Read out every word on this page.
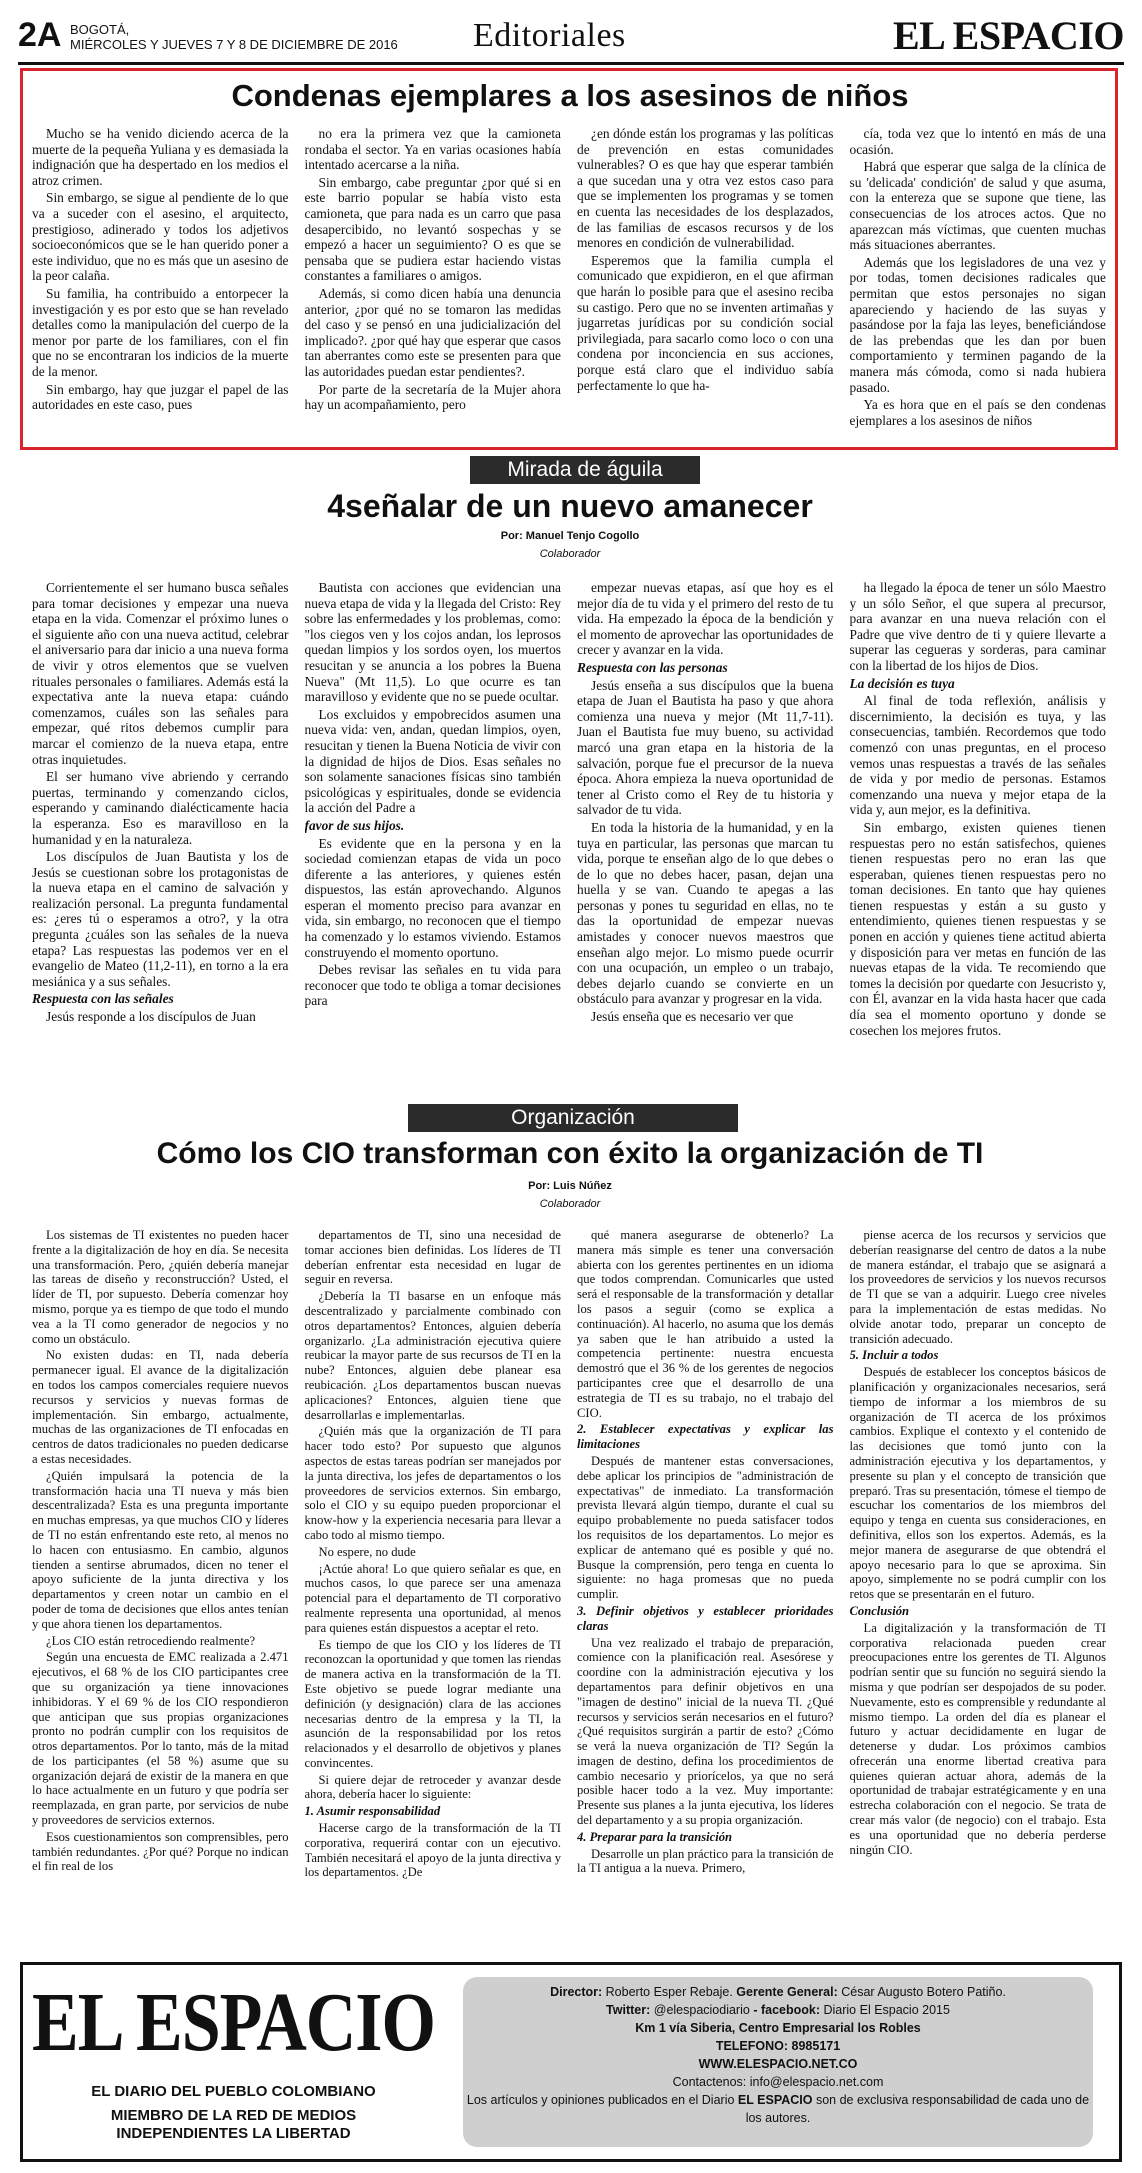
2A BOGOTÁ,
MIÉRCOLES Y JUEVES 7 Y 8 DE DICIEMBRE DE 2016 Editoriales	EL ESPACIO
Condenas ejemplares a los asesinos de niños

Mucho se ha venido diciendo acerca de la muerte de la pequeña Yuliana y es demasiada la indignación que ha despertado en los medios el atroz crimen.

Sin embargo, se sigue al pendiente de lo que va a suceder con el asesino, el arquitecto, prestigioso, adinerado y todos los adjetivos socioeconómicos que se le han querido poner a este individuo, que no es más que un asesino de la peor calaña.

Su familia, ha contribuido a entorpecer la investigación y es por esto que se han revelado detalles como la manipulación del cuerpo de la menor por parte de los familiares, con el fin que no se encontraran los indicios de la muerte de la menor.

Sin embargo, hay que juzgar el papel de las autoridades en este caso, pues

no era la primera vez que la camioneta rondaba el sector. Ya en varias ocasiones había intentado acercarse a la niña.

Sin embargo, cabe preguntar ¿por qué si en este barrio popular se había visto esta camioneta, que para nada es un carro que pasa desapercibido, no levantó sospechas y se empezó a hacer un seguimiento? O es que se pensaba que se pudiera estar haciendo vistas constantes a familiares o amigos.

Además, si como dicen había una denuncia anterior, ¿por qué no se tomaron las medidas del caso y se pensó en una judicialización del implicado?. ¿por qué hay que esperar que casos tan aberrantes como este se presenten para que las autoridades puedan estar pendientes?.

Por parte de la secretaría de la Mujer ahora hay un acompañamiento, pero

¿en dónde están los programas y las políticas de prevención en estas comunidades vulnerables? O es que hay que esperar también a que sucedan una y otra vez estos caso para que se implementen los programas y se tomen en cuenta las necesidades de los desplazados, de las familias de escasos recursos y de los menores en condición de vulnerabilidad.

Esperemos que la familia cumpla el comunicado que expidieron, en el que afirman que harán lo posible para que el asesino reciba su castigo. Pero que no se inventen artimañas y jugarretas jurídicas por su condición social privilegiada, para sacarlo como loco o con una condena por inconciencia en sus acciones, porque está claro que el individuo sabía perfectamente lo que ha-

cía, toda vez que lo intentó en más de una ocasión.

Habrá que esperar que salga de la clínica de su 'delicada' condición' de salud y que asuma, con la entereza que se supone que tiene, las consecuencias de los atroces actos. Que no aparezcan más víctimas, que cuenten muchas más situaciones aberrantes.

Además que los legisladores de una vez y por todas, tomen decisiones radicales que permitan que estos personajes no sigan apareciendo y haciendo de las suyas y pasándose por la faja las leyes, beneficiándose de las prebendas que les dan por buen comportamiento y terminen pagando de la manera más cómoda, como si nada hubiera pasado.

Ya es hora que en el país se den condenas ejemplares a los asesinos de niños

Mirada de águila
4señalar de un nuevo amanecer
Por: Manuel Tenjo Cogollo
Colaborador

Corrientemente el ser humano busca señales para tomar decisiones y empezar una nueva etapa en la vida. Comenzar el próximo lunes o el siguiente año con una nueva actitud, celebrar el aniversario para dar inicio a una nueva forma de vivir y otros elementos que se vuelven rituales personales o familiares. Además está la expectativa ante la nueva etapa: cuándo comenzamos, cuáles son las señales para empezar, qué ritos debemos cumplir para marcar el comienzo de la nueva etapa, entre otras inquietudes.

El ser humano vive abriendo y cerrando puertas, terminando y comenzando ciclos, esperando y caminando dialécticamente hacia la esperanza. Eso es maravilloso en la humanidad y en la naturaleza.

Los discípulos de Juan Bautista y los de Jesús se cuestionan sobre los protagonistas de la nueva etapa en el camino de salvación y realización personal. La pregunta fundamental es: ¿eres tú o esperamos a otro?, y la otra pregunta ¿cuáles son las señales de la nueva etapa? Las respuestas las podemos ver en el evangelio de Mateo (11,2-11), en torno a la era mesiánica y a sus señales.

Respuesta con las señales

Jesús responde a los discípulos de Juan

Bautista con acciones que evidencian una nueva etapa de vida y la llegada del Cristo: Rey sobre las enfermedades y los problemas, como: "los ciegos ven y los cojos andan, los leprosos quedan limpios y los sordos oyen, los muertos resucitan y se anuncia a los pobres la Buena Nueva" (Mt 11,5). Lo que ocurre es tan maravilloso y evidente que no se puede ocultar.

Los excluidos y empobrecidos asumen una nueva vida: ven, andan, quedan limpios, oyen, resucitan y tienen la Buena Noticia de vivir con la dignidad de hijos de Dios. Esas señales no son solamente sanaciones físicas sino también psicológicas y espirituales, donde se evidencia la acción del Padre a

favor de sus hijos.

Es evidente que en la persona y en la sociedad comienzan etapas de vida un poco diferente a las anteriores, y quienes estén dispuestos, las están aprovechando. Algunos esperan el momento preciso para avanzar en vida, sin embargo, no reconocen que el tiempo ha comenzado y lo estamos viviendo. Estamos construyendo el momento oportuno.

Debes revisar las señales en tu vida para reconocer que todo te obliga a tomar decisiones para

empezar nuevas etapas, así que hoy es el mejor día de tu vida y el primero del resto de tu vida. Ha empezado la época de la bendición y el momento de aprovechar las oportunidades de crecer y avanzar en la vida.

Respuesta con las personas

Jesús enseña a sus discípulos que la buena etapa de Juan el Bautista ha paso y que ahora comienza una nueva y mejor (Mt 11,7-11). Juan el Bautista fue muy bueno, su actividad marcó una gran etapa en la historia de la salvación, porque fue el precursor de la nueva época. Ahora empieza la nueva oportunidad de tener al Cristo como el Rey de tu historia y salvador de tu vida.

En toda la historia de la humanidad, y en la tuya en particular, las personas que marcan tu vida, porque te enseñan algo de lo que debes o de lo que no debes hacer, pasan, dejan una huella y se van. Cuando te apegas a las personas y pones tu seguridad en ellas, no te das la oportunidad de empezar nuevas amistades y conocer nuevos maestros que enseñan algo mejor. Lo mismo puede ocurrir con una ocupación, un empleo o un trabajo, debes dejarlo cuando se convierte en un obstáculo para avanzar y progresar en la vida.

Jesús enseña que es necesario ver que

ha llegado la época de tener un sólo Maestro y un sólo Señor, el que supera al precursor, para avanzar en una nueva relación con el Padre que vive dentro de ti y quiere llevarte a superar las cegueras y sorderas, para caminar con la libertad de los hijos de Dios.

La decisión es tuya

Al final de toda reflexión, análisis y discernimiento, la decisión es tuya, y las consecuencias, también. Recordemos que todo comenzó con unas preguntas, en el proceso vemos unas respuestas a través de las señales de vida y por medio de personas. Estamos comenzando una nueva y mejor etapa de la vida y, aun mejor, es la definitiva.

Sin embargo, existen quienes tienen respuestas pero no están satisfechos, quienes tienen respuestas pero no eran las que esperaban, quienes tienen respuestas pero no toman decisiones. En tanto que hay quienes tienen respuestas y están a su gusto y entendimiento, quienes tienen respuestas y se ponen en acción y quienes tiene actitud abierta y disposición para ver metas en función de las nuevas etapas de la vida. Te recomiendo que tomes la decisión por quedarte con Jesucristo y, con Él, avanzar en la vida hasta hacer que cada día sea el momento oportuno y donde se cosechen los mejores frutos.

Organización
Cómo los CIO transforman con éxito la organización de TI
Por: Luis Núñez
Colaborador

Los sistemas de TI existentes no pueden hacer frente a la digitalización de hoy en día. Se necesita una transformación. Pero, ¿quién debería manejar las tareas de diseño y reconstrucción? Usted, el líder de TI, por supuesto. Debería comenzar hoy mismo, porque ya es tiempo de que todo el mundo vea a la TI como generador de negocios y no como un obstáculo.

No existen dudas: en TI, nada debería permanecer igual. El avance de la digitalización en todos los campos comerciales requiere nuevos recursos y servicios y nuevas formas de implementación. Sin embargo, actualmente, muchas de las organizaciones de TI enfocadas en centros de datos tradicionales no pueden dedicarse a estas necesidades.

¿Quién impulsará la potencia de la transformación hacia una TI nueva y más bien descentralizada? Esta es una pregunta importante en muchas empresas, ya que muchos CIO y líderes de TI no están enfrentando este reto, al menos no lo hacen con entusiasmo. En cambio, algunos tienden a sentirse abrumados, dicen no tener el apoyo suficiente de la junta directiva y los departamentos y creen notar un cambio en el poder de toma de decisiones que ellos antes tenían y que ahora tienen los departamentos.

¿Los CIO están retrocediendo realmente?

Según una encuesta de EMC realizada a 2.471 ejecutivos, el 68 % de los CIO participantes cree que su organización ya tiene innovaciones inhibidoras. Y el 69 % de los CIO respondieron que anticipan que sus propias organizaciones pronto no podrán cumplir con los requisitos de otros departamentos. Por lo tanto, más de la mitad de los participantes (el 58 %) asume que su organización dejará de existir de la manera en que lo hace actualmente en un futuro y que podría ser reemplazada, en gran parte, por servicios de nube y proveedores de servicios externos.

Esos cuestionamientos son comprensibles, pero también redundantes. ¿Por qué? Porque no indican el fin real de los

departamentos de TI, sino una necesidad de tomar acciones bien definidas. Los líderes de TI deberían enfrentar esta necesidad en lugar de seguir en reversa.

¿Debería la TI basarse en un enfoque más descentralizado y parcialmente combinado con otros departamentos? Entonces, alguien debería organizarlo. ¿La administración ejecutiva quiere reubicar la mayor parte de sus recursos de TI en la nube? Entonces, alguien debe planear esa reubicación. ¿Los departamentos buscan nuevas aplicaciones? Entonces, alguien tiene que desarrollarlas e implementarlas.

¿Quién más que la organización de TI para hacer todo esto? Por supuesto que algunos aspectos de estas tareas podrían ser manejados por la junta directiva, los jefes de departamentos o los proveedores de servicios externos. Sin embargo, solo el CIO y su equipo pueden proporcionar el know-how y la experiencia necesaria para llevar a cabo todo al mismo tiempo.

No espere, no dude

¡Actúe ahora! Lo que quiero señalar es que, en muchos casos, lo que parece ser una amenaza potencial para el departamento de TI corporativo realmente representa una oportunidad, al menos para quienes están dispuestos a aceptar el reto.

Es tiempo de que los CIO y los líderes de TI reconozcan la oportunidad y que tomen las riendas de manera activa en la transformación de la TI. Este objetivo se puede lograr mediante una definición (y designación) clara de las acciones necesarias dentro de la empresa y la TI, la asunción de la responsabilidad por los retos relacionados y el desarrollo de objetivos y planes convincentes.

Si quiere dejar de retroceder y avanzar desde ahora, debería hacer lo siguiente:

1. Asumir responsabilidad

Hacerse cargo de la transformación de la TI corporativa, requerirá contar con un ejecutivo. También necesitará el apoyo de la junta directiva y los departamentos. ¿De

qué manera asegurarse de obtenerlo? La manera más simple es tener una conversación abierta con los gerentes pertinentes en un idioma que todos comprendan. Comunicarles que usted será el responsable de la transformación y detallar los pasos a seguir (como se explica a continuación). Al hacerlo, no asuma que los demás ya saben que le han atribuido a usted la competencia pertinente: nuestra encuesta demostró que el 36 % de los gerentes de negocios participantes cree que el desarrollo de una estrategia de TI es su trabajo, no el trabajo del CIO.

2. Establecer expectativas y explicar las limitaciones

Después de mantener estas conversaciones, debe aplicar los principios de "administración de expectativas" de inmediato. La transformación prevista llevará algún tiempo, durante el cual su equipo probablemente no pueda satisfacer todos los requisitos de los departamentos. Lo mejor es explicar de antemano qué es posible y qué no. Busque la comprensión, pero tenga en cuenta lo siguiente: no haga promesas que no pueda cumplir.

3. Definir objetivos y establecer prioridades claras

Una vez realizado el trabajo de preparación, comience con la planificación real. Asesórese y coordine con la administración ejecutiva y los departamentos para definir objetivos en una "imagen de destino" inicial de la nueva TI. ¿Qué recursos y servicios serán necesarios en el futuro? ¿Qué requisitos surgirán a partir de esto? ¿Cómo se verá la nueva organización de TI? Según la imagen de destino, defina los procedimientos de cambio necesario y priorícelos, ya que no será posible hacer todo a la vez. Muy importante: Presente sus planes a la junta ejecutiva, los líderes del departamento y a su propia organización.

4. Preparar para la transición

Desarrolle un plan práctico para la transición de la TI antigua a la nueva. Primero,

piense acerca de los recursos y servicios que deberían reasignarse del centro de datos a la nube de manera estándar, el trabajo que se asignará a los proveedores de servicios y los nuevos recursos de TI que se van a adquirir. Luego cree niveles para la implementación de estas medidas. No olvide anotar todo, preparar un concepto de transición adecuado.

5. Incluir a todos

Después de establecer los conceptos básicos de planificación y organizacionales necesarios, será tiempo de informar a los miembros de su organización de TI acerca de los próximos cambios. Explique el contexto y el contenido de las decisiones que tomó junto con la administración ejecutiva y los departamentos, y presente su plan y el concepto de transición que preparó. Tras su presentación, tómese el tiempo de escuchar los comentarios de los miembros del equipo y tenga en cuenta sus consideraciones, en definitiva, ellos son los expertos. Además, es la mejor manera de asegurarse de que obtendrá el apoyo necesario para lo que se aproxima. Sin apoyo, simplemente no se podrá cumplir con los retos que se presentarán en el futuro.

Conclusión

La digitalización y la transformación de TI corporativa relacionada pueden crear preocupaciones entre los gerentes de TI. Algunos podrían sentir que su función no seguirá siendo la misma y que podrían ser despojados de su poder. Nuevamente, esto es comprensible y redundante al mismo tiempo. La orden del día es planear el futuro y actuar decididamente en lugar de detenerse y dudar. Los próximos cambios ofrecerán una enorme libertad creativa para quienes quieran actuar ahora, además de la oportunidad de trabajar estratégicamente y en una estrecha colaboración con el negocio. Se trata de crear más valor (de negocio) con el trabajo. Esta es una oportunidad que no debería perderse ningún CIO.

EL ESPACIO
EL DIARIO DEL PUEBLO COLOMBIANO
MIEMBRO DE LA RED DE MEDIOS
INDEPENDIENTES LA LIBERTAD
Director: Roberto Esper Rebaje. Gerente General: César Augusto Botero Patiño.
Twitter: @elespaciodiario - facebook: Diario El Espacio 2015
Km 1 vía Siberia, Centro Empresarial los Robles
TELEFONO: 8985171
WWW.ELESPACIO.NET.CO
Contactenos: info@elespacio.net.com
Los artículos y opiniones publicados en el Diario EL ESPACIO son de exclusiva responsabilidad de cada uno de los autores.
